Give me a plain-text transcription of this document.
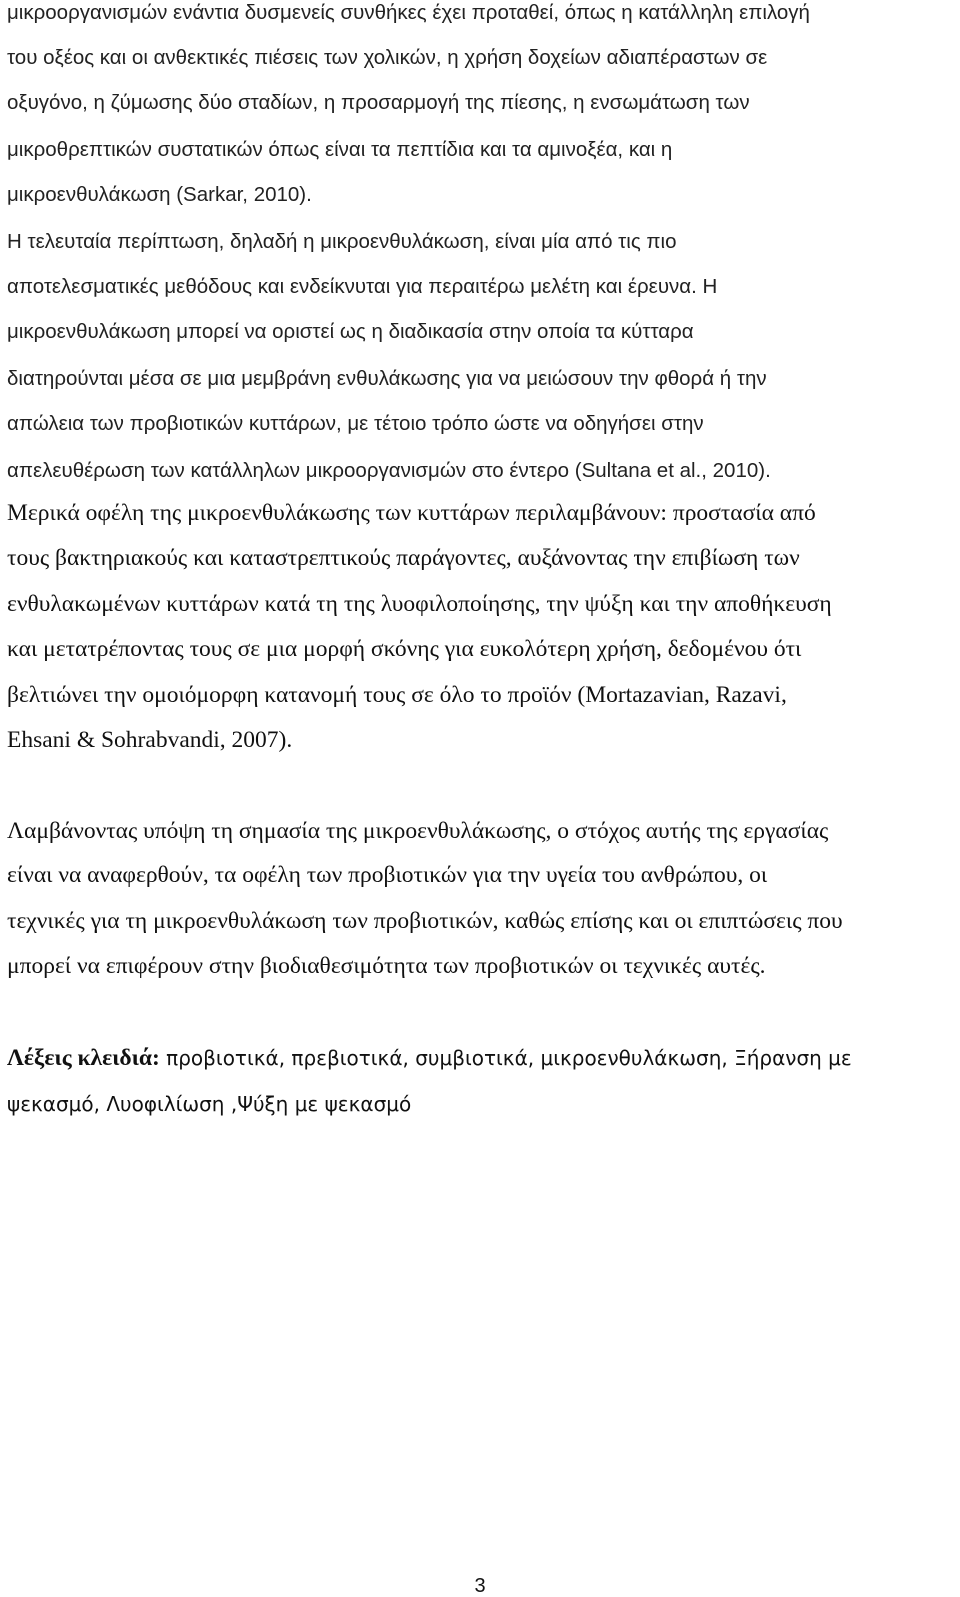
μικροοργανισμών ενάντια δυσμενείς συνθήκες έχει προταθεί, όπως η κατάλληλη επιλογή
του οξέος και οι ανθεκτικές πιέσεις των χολικών, η χρήση δοχείων αδιαπέραστων σε
οξυγόνο, η ζύμωσης δύο σταδίων, η προσαρμογή της πίεσης, η ενσωμάτωση των
μικροθρεπτικών συστατικών όπως είναι τα πεπτίδια και τα αμινοξέα, και η
μικροενθυλάκωση (Sarkar, 2010).
Η τελευταία περίπτωση, δηλαδή η μικροενθυλάκωση, είναι μία από τις πιο
αποτελεσματικές μεθόδους και ενδείκνυται για περαιτέρω μελέτη και έρευνα. Η
μικροενθυλάκωση μπορεί να οριστεί ως η διαδικασία στην οποία τα κύτταρα
διατηρούνται μέσα σε μια μεμβράνη ενθυλάκωσης για να μειώσουν την φθορά ή την
απώλεια των προβιοτικών κυττάρων, με τέτοιο τρόπο ώστε να οδηγήσει στην
απελευθέρωση των κατάλληλων μικροοργανισμών στο έντερο (Sultana et al., 2010).
Μερικά οφέλη της μικροενθυλάκωσης των κυττάρων περιλαμβάνουν: προστασία από
τους βακτηριακούς και καταστρεπτικούς παράγοντες, αυξάνοντας την επιβίωση των
ενθυλακωμένων κυττάρων κατά τη της λυοφιλοποίησης, την ψύξη και την αποθήκευση
και μετατρέποντας τους σε μια μορφή σκόνης για ευκολότερη χρήση, δεδομένου ότι
βελτιώνει την ομοιόμορφη κατανομή τους σε όλο το προϊόν (Mortazavian, Razavi,
Ehsani & Sohrabvandi, 2007).
Λαμβάνοντας υπόψη τη σημασία της μικροενθυλάκωσης, ο στόχος αυτής της εργασίας
είναι να αναφερθούν, τα οφέλη των προβιοτικών για την υγεία του ανθρώπου, οι
τεχνικές για τη μικροενθυλάκωση των προβιοτικών, καθώς επίσης και οι επιπτώσεις που
μπορεί να επιφέρουν στην βιοδιαθεσιμότητα των προβιοτικών οι τεχνικές αυτές.
Λέξεις κλειδιά: προβιοτικά, πρεβιοτικά, συμβιοτικά, μικροενθυλάκωση, Ξήρανση με
ψεκασμό, Λυοφιλίωση ,Ψύξη με ψεκασμό
3
